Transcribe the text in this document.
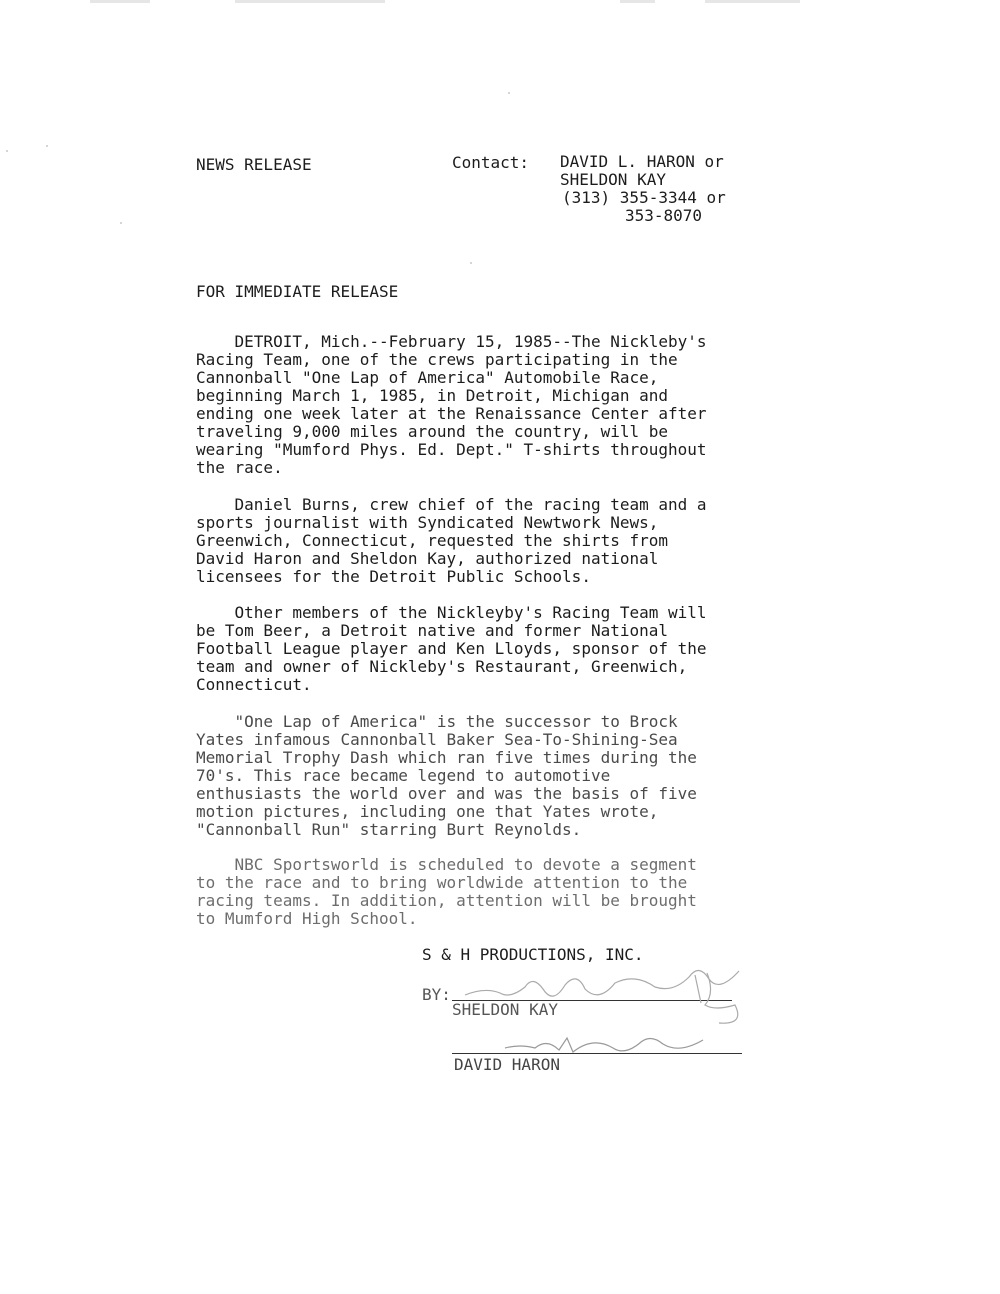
NEWS RELEASE	Contact: DAVID L. HARON or
SHELDON KAY
(313) 355-3344 or
353-8070
FOR IMMEDIATE RELEASE
DETROIT, Mich.--February 15, 1985--The Nickleby's
Racing Team, one of the crews participating in the
Cannonball "One Lap of America" Automobile Race,
beginning March 1, 1985, in Detroit, Michigan and
ending one week later at the Renaissance Center after
traveling 9,000 miles around the country, will be
wearing "Mumford Phys. Ed. Dept." T-shirts throughout
the race.
Daniel Burns, crew chief of the racing team and a
sports journalist with Syndicated Newtwork News,
Greenwich, Connecticut, requested the shirts from
David Haron and Sheldon Kay, authorized national
licensees for the Detroit Public Schools.
Other members of the Nickleyby's Racing Team will
be Tom Beer, a Detroit native and former National
Football League player and Ken Lloyds, sponsor of the
team and owner of Nickleby's Restaurant, Greenwich,
Connecticut.
"One Lap of America" is the successor to Brock
Yates infamous Cannonball Baker Sea-To-Shining-Sea
Memorial Trophy Dash which ran five times during the
70's. This race became legend to automotive
enthusiasts the world over and was the basis of five
motion pictures, including one that Yates wrote,
"Cannonball Run" starring Burt Reynolds.
NBC Sportsworld is scheduled to devote a segment
to the race and to bring worldwide attention to the
racing teams. In addition, attention will be brought
to Mumford High School.
S & H PRODUCTIONS, INC.
BY:
SHELDON KAY
DAVID HARON
